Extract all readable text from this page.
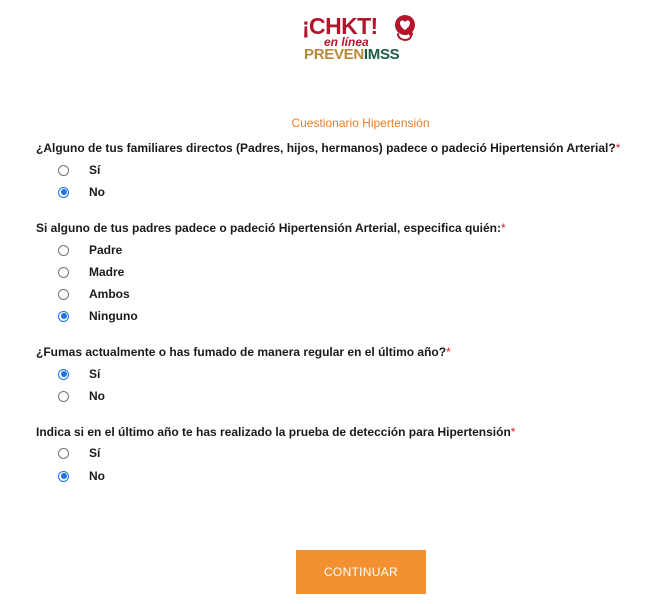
¡CHKT!
en línea
PREVENIMSS
Cuestionario Hipertensión
¿Alguno de tus familiares directos (Padres, hijos, hermanos) padece o padeció Hipertensión Arterial?*
Sí
No
Si alguno de tus padres padece o padeció Hipertensión Arterial, especifica quién:*
Padre
Madre
Ambos
Ninguno
¿Fumas actualmente o has fumado de manera regular en el último año?*
Sí
No
Indica si en el último año te has realizado la prueba de detección para Hipertensión*
Sí
No
CONTINUAR
